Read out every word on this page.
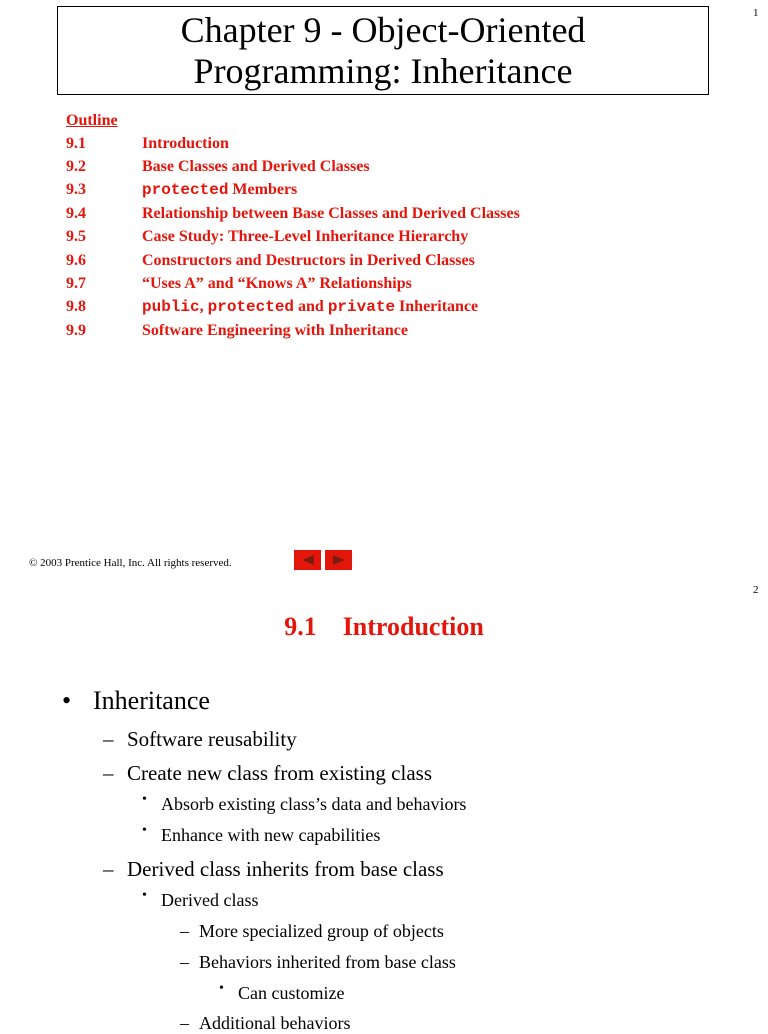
1
Chapter 9 - Object-Oriented
Programming: Inheritance
Outline
9.1	Introduction
9.2	Base Classes and Derived Classes
9.3	protected Members
9.4	Relationship between Base Classes and Derived Classes
9.5	Case Study: Three-Level Inheritance Hierarchy
9.6	Constructors and Destructors in Derived Classes
9.7	“Uses A” and “Knows A” Relationships
9.8	public, protected and private Inheritance
9.9	Software Engineering with Inheritance
© 2003 Prentice Hall, Inc. All rights reserved.
2
9.1    Introduction
• Inheritance
– Software reusability
– Create new class from existing class
• Absorb existing class’s data and behaviors
• Enhance with new capabilities
– Derived class inherits from base class
• Derived class
– More specialized group of objects
– Behaviors inherited from base class
• Can customize
– Additional behaviors
